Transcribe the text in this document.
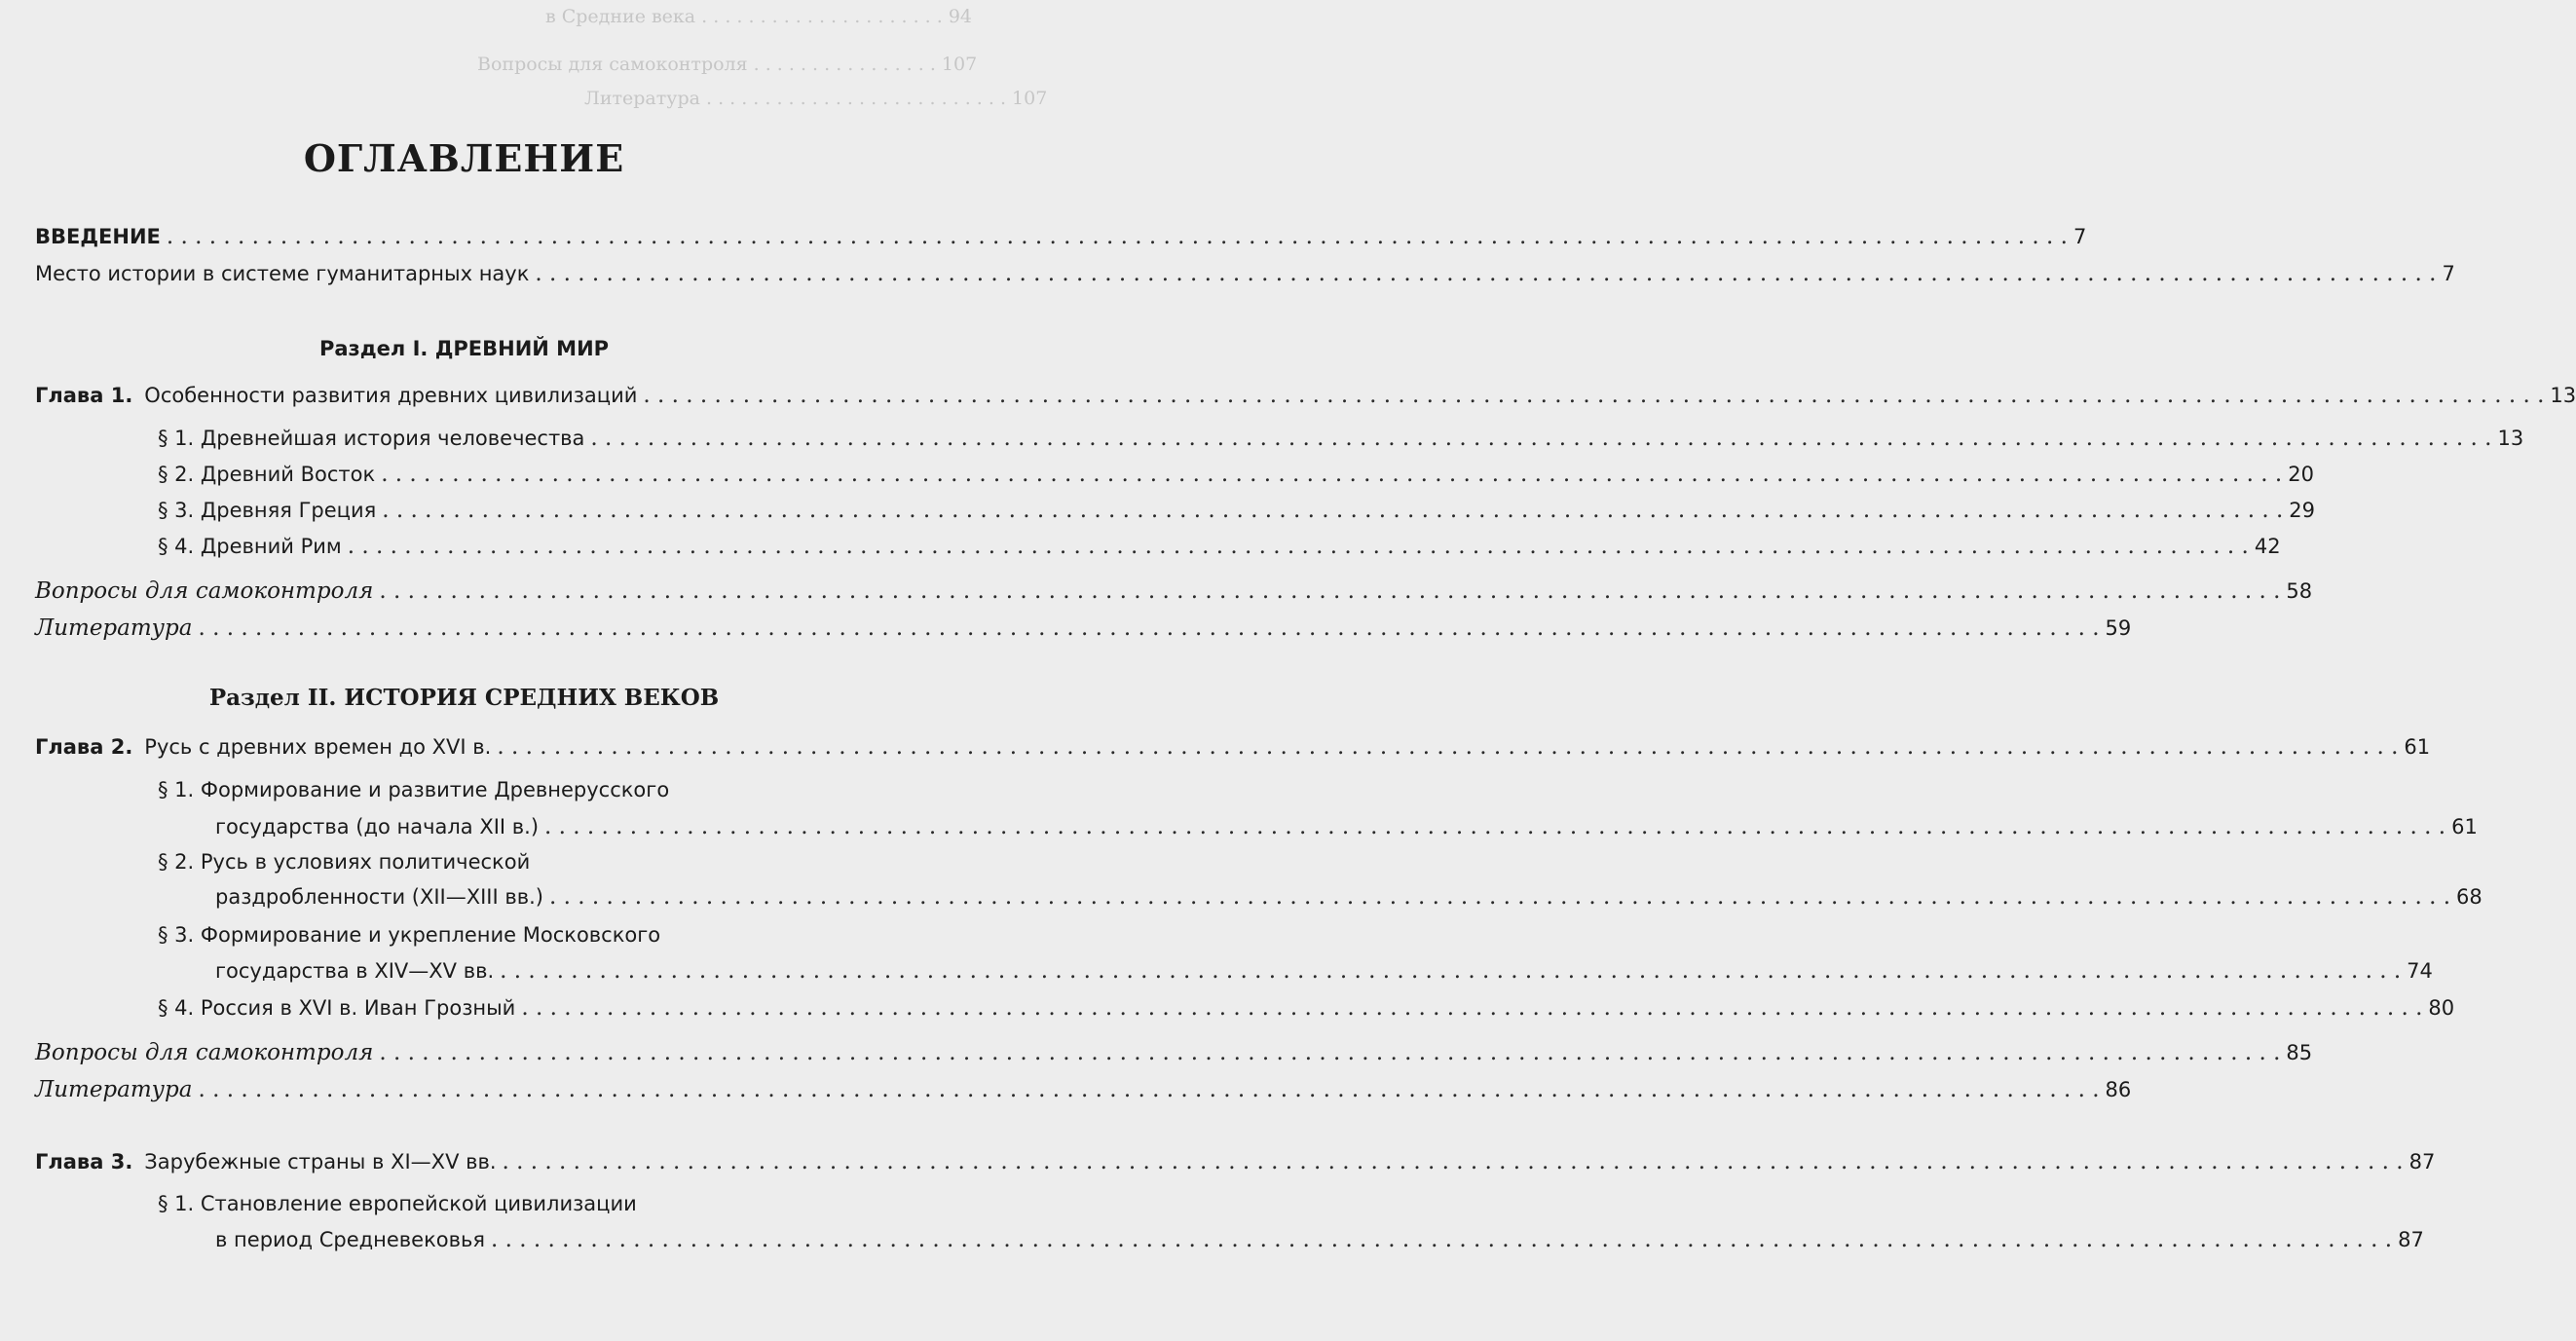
в Средние века . . . . . . . . . . . . . . . . . . . . . 94
Вопросы для самоконтроля . . . . . . . . . . . . . . . . 107
Литература . . . . . . . . . . . . . . . . . . . . . . . . . . 107
ОГЛАВЛЕНИЕ
ВВЕДЕНИЕ . . .	7
Место истории в системе гуманитарных наук . . .	7
Раздел I. ДРЕВНИЙ МИР
Глава 1. Особенности развития древних цивилизаций . . .	13
§ 1. Древнейшая история человечества . . .	13
§ 2. Древний Восток . . .	20
§ 3. Древняя Греция . . .	29
§ 4. Древний Рим . . .	42
Вопросы для самоконтроля . . .	58
Литература . . .	59
Раздел II. ИСТОРИЯ СРЕДНИХ ВЕКОВ
Глава 2. Русь с древних времен до XVI в. . . .	61
§ 1. Формирование и развитие Древнерусского
государства (до начала XII в.) . . .	61
§ 2. Русь в условиях политической
раздробленности (XII—XIII вв.) . . .	68
§ 3. Формирование и укрепление Московского
государства в XIV—XV вв. . . .	74
§ 4. Россия в XVI в. Иван Грозный . . .	80
Вопросы для самоконтроля . . .	85
Литература . . .	86
Глава 3. Зарубежные страны в XI—XV вв. . . .	87
§ 1. Становление европейской цивилизации
в период Средневековья . . .	87
